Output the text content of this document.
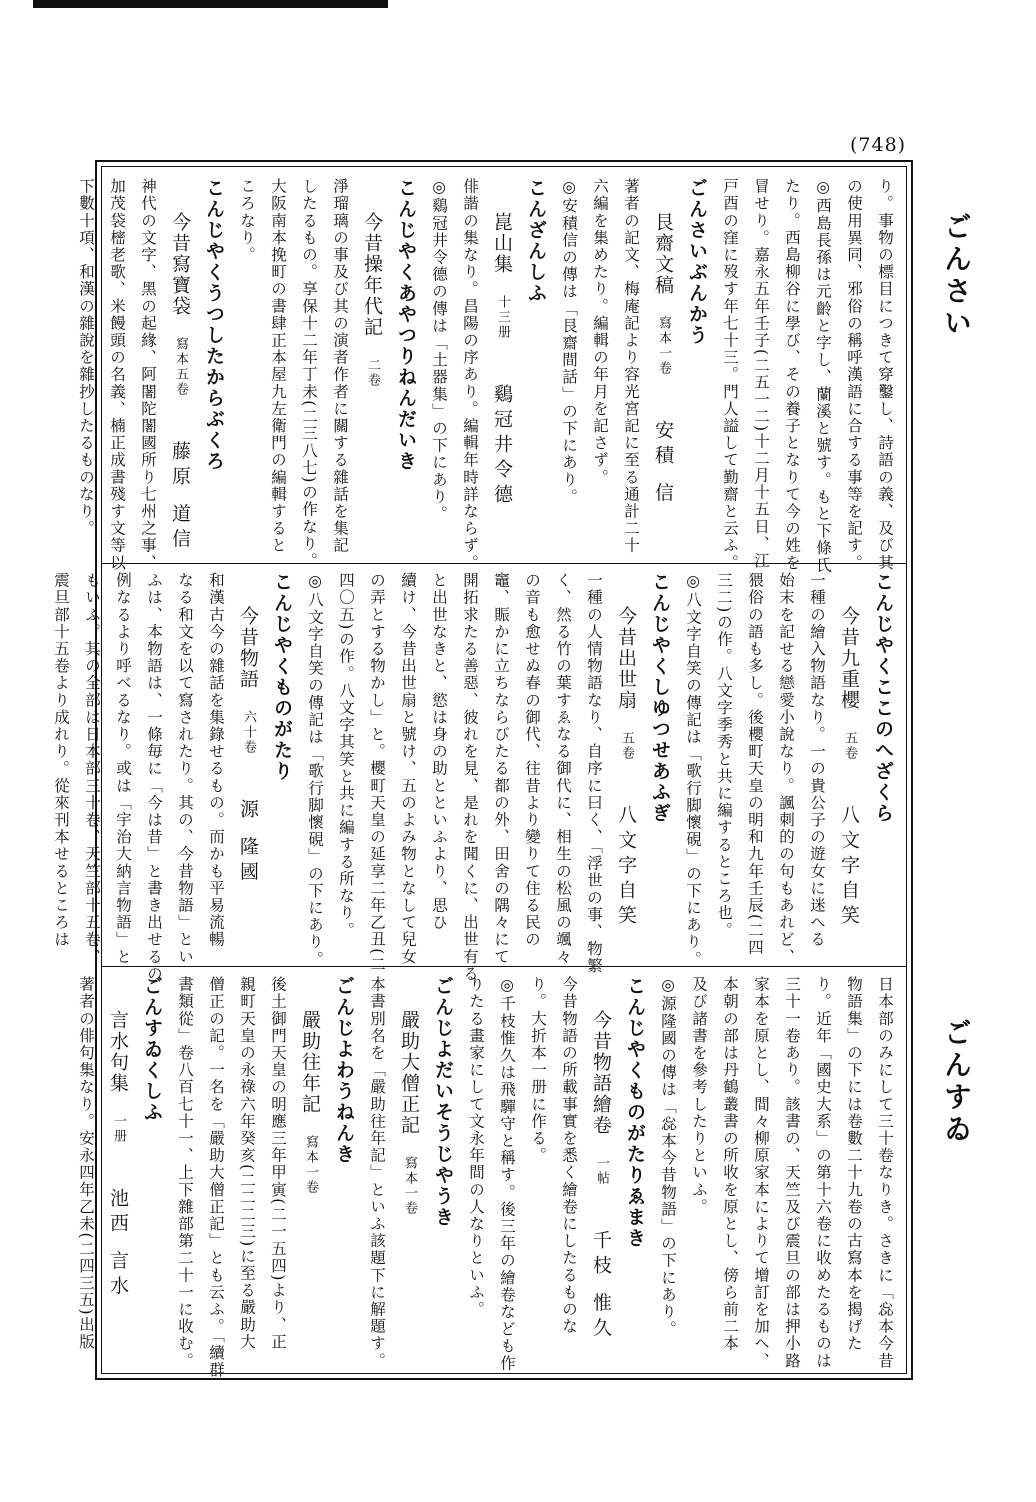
(748)
ごんさい
ごんすゐ
り。事物の標目につきて穿鑿し、詩語の義、及び其
の使用異同、邪俗の稱呼漢語に合する事等を記す。
◎西島長孫は元齡と字し、蘭溪と號す。もと下條氏
たり。西島柳谷に學び、その養子となりて今の姓を
冒せり。嘉永五年壬子(二五一二)十二月十五日、江
戸酉の窪に歿す年七十三。門人謚して勤齋と云ふ。
ごんさいぶんかう
艮齋文稿寫本一卷安積 信
著者の記文、梅庵記より容光宮記に至る通計二十
六編を集めたり。編輯の年月を記さず。
◎安積信の傳は「艮齋間話」の下にあり。
こんざんしふ
崑山集十三册鷄冠井令德
俳諧の集なり。昌陽の序あり。編輯年時詳ならず。
◎鷄冠井令德の傳は「土器集」の下にあり。
こんじやくあやつりねんだいき
今昔操年代記二卷
淨瑠璃の事及び其の演者作者に關する雜話を集記
したるもの。享保十二年丁未(二三八七)の作なり。
大阪南本挽町の書肆正本屋九左衛門の編輯すると
ころなり。
こんじやくうつしたからぶくろ
今昔寫寶袋寫本五卷藤原 道信
神代の文字、黑の起緣、阿闍陀闍國所り七州之事、
加茂袋樒老歌、米饅頭の名義、楠正成書殘す文等以
下數十項、和漢の雜說を雜抄したるものなり。
こんじやくここのへざくら
今昔九重櫻五卷八文字自笑
一種の繪入物語なり。一の貴公子の遊女に迷へる
始末を記せる戀愛小說なり。諷刺的の句もあれど、
猥俗の語も多し。後櫻町天皇の明和九年壬辰(二四
三二)の作。八文字季秀と共に編するところ也。
◎八文字自笑の傳記は「歌行脚懷硯」の下にあり。
こんじやくしゆつせあふぎ
今昔出世扇五卷八文字自笑
一種の人情物語なり、自序に曰く、「浮世の事、物繁
く、然る竹の葉すゑなる御代に、相生の松風の颯々
の音も愈せぬ春の御代、往昔より變りて住る民の
竈、賑かに立ちならびたる都の外、田舍の隅々にて
開拓求たる善惡、彼れを見、是れを聞くに、出世有る
と出世なきと、慾は身の助とといふより、思ひ
續け、今昔出世扇と號け、五のよみ物となして兒女
の弄とする物かし」と。櫻町天皇の延享二年乙丑(二
四〇五)の作。八文字其笑と共に編する所なり。
◎八文字自笑の傳記は「歌行脚懷硯」の下にあり。
こんじやくものがたり
今昔物語六十卷源 隆國
和漢古今の雜話を集錄せるもの。而かも平易流暢
なる和文を以て寫されたり。其の、今昔物語」とい
ふは、本物語は、一條毎に「今は昔」と書き出せるの
例なるより呼べるなり。或は「宇治大納言物語」と
もいふ。其の全部は日本部三十卷、天竺部十五卷、
震旦部十五卷より成れり。從來刊本せるところは
日本部のみにして三十卷なりき。さきに「惢本今昔
物語集」の下には卷數二十九卷の古寫本を揭げた
り。近年「國史大系」の第十六卷に收めたるものは
三十一卷あり。該書の、天竺及び震旦の部は押小路
家本を原とし、間々柳原家本によりて增訂を加へ、
本朝の部は丹鶴叢書の所收を原とし、傍ら前二本
及び諸書を參考したりといふ。
◎源隆國の傳は「惢本今昔物語」の下にあり。
こんじやくものがたりゑまき
今昔物語繪卷一帖千枝 惟久
今昔物語の所載事實を悉く繪卷にしたるものな
り。大折本一册に作る。
◎千枝惟久は飛驒守と稱す。後三年の繪卷なども作
りたる畫家にして文永年間の人なりといふ。
ごんじよだいそうじやうき
嚴助大僧正記寫本一卷
本書別名を「嚴助往年記」といふ該題下に解題す。
ごんじよわうねんき
嚴助往年記寫本一卷
後土御門天皇の明應三年甲寅(二一五四)より、正
親町天皇の永祿六年癸亥(二二二三)に至る嚴助大
僧正の記。一名を「嚴助大僧正記」とも云ふ。「續群
書類從」卷八百七十一、上下雜部第二十一に收む。
ごんすゐくしふ
言水句集一册池西 言水
著者の俳句集なり。安永四年乙未(二四三五)出版
